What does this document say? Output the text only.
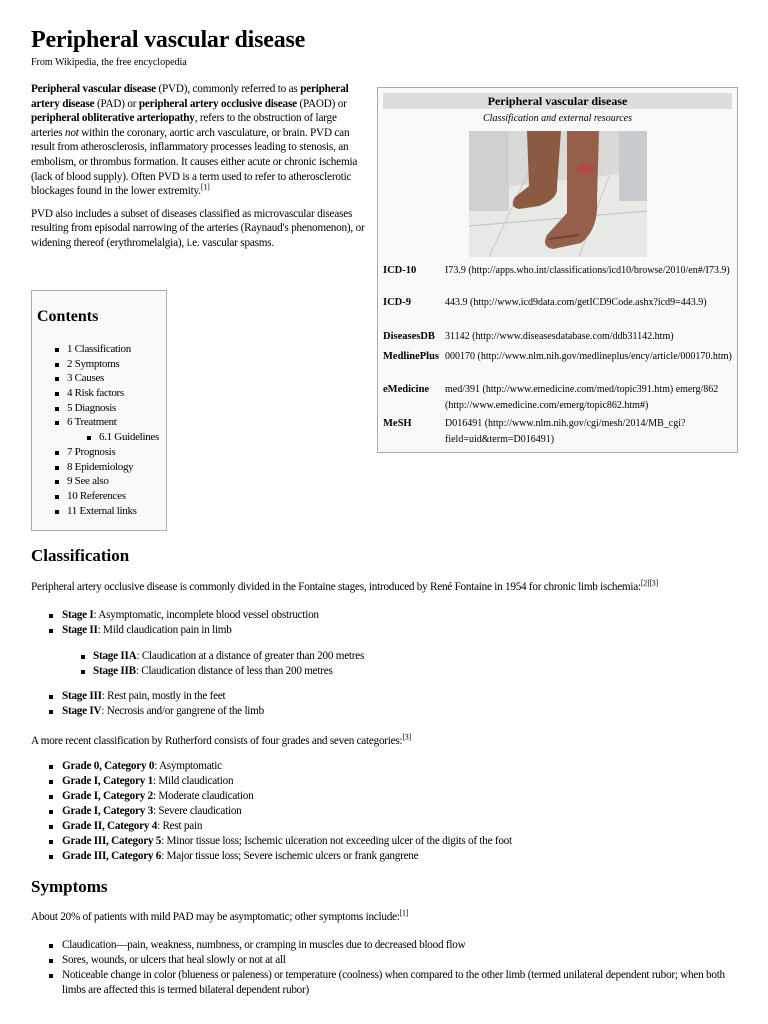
Peripheral vascular disease
From Wikipedia, the free encyclopedia

Peripheral vascular disease (PVD), commonly referred to as peripheral artery disease (PAD) or peripheral artery occlusive disease (PAOD) or peripheral obliterative arteriopathy, refers to the obstruction of large arteries not within the coronary, aortic arch vasculature, or brain. PVD can result from atherosclerosis, inflammatory processes leading to stenosis, an embolism, or thrombus formation. It causes either acute or chronic ischemia (lack of blood supply). Often PVD is a term used to refer to atherosclerotic blockages found in the lower extremity.[1]

PVD also includes a subset of diseases classified as microvascular diseases resulting from episodal narrowing of the arteries (Raynaud's phenomenon), or widening thereof (erythromelalgia), i.e. vascular spasms.

Contents
1 Classification
2 Symptoms
3 Causes
4 Risk factors
5 Diagnosis
6 Treatment
6.1 Guidelines
7 Prognosis
8 Epidemiology
9 See also
10 References
11 External links
Peripheral vascular disease
Classification and external resources
ICD-10	I73.9 (http://apps.who.int/classifications/icd10/browse/2010/en#/I73.9)
ICD-9	443.9 (http://www.icd9data.com/getICD9Code.ashx?icd9=443.9)
DiseasesDB	31142 (http://www.diseasesdatabase.com/ddb31142.htm)
MedlinePlus 000170 (http://www.nlm.nih.gov/medlineplus/ency/article/000170.htm)
eMedicine	med/391 (http://www.emedicine.com/med/topic391.htm) emerg/862 (http://www.emedicine.com/emerg/topic862.htm#)
MeSH	D016491 (http://www.nlm.nih.gov/cgi/mesh/2014/MB_cgi?field=uid&term=D016491)
Classification
Peripheral artery occlusive disease is commonly divided in the Fontaine stages, introduced by René Fontaine in 1954 for chronic limb ischemia:[2][3]
Stage I: Asymptomatic, incomplete blood vessel obstruction
Stage II: Mild claudication pain in limb
Stage IIA: Claudication at a distance of greater than 200 metres
Stage IIB: Claudication distance of less than 200 metres
Stage III: Rest pain, mostly in the feet
Stage IV: Necrosis and/or gangrene of the limb
A more recent classification by Rutherford consists of four grades and seven categories:[3]
Grade 0, Category 0: Asymptomatic
Grade I, Category 1: Mild claudication
Grade I, Category 2: Moderate claudication
Grade I, Category 3: Severe claudication
Grade II, Category 4: Rest pain
Grade III, Category 5: Minor tissue loss; Ischemic ulceration not exceeding ulcer of the digits of the foot
Grade III, Category 6: Major tissue loss; Severe ischemic ulcers or frank gangrene
Symptoms
About 20% of patients with mild PAD may be asymptomatic; other symptoms include:[1]
Claudication—pain, weakness, numbness, or cramping in muscles due to decreased blood flow
Sores, wounds, or ulcers that heal slowly or not at all
Noticeable change in color (blueness or paleness) or temperature (coolness) when compared to the other limb (termed unilateral dependent rubor; when both limbs are affected this is termed bilateral dependent rubor)
